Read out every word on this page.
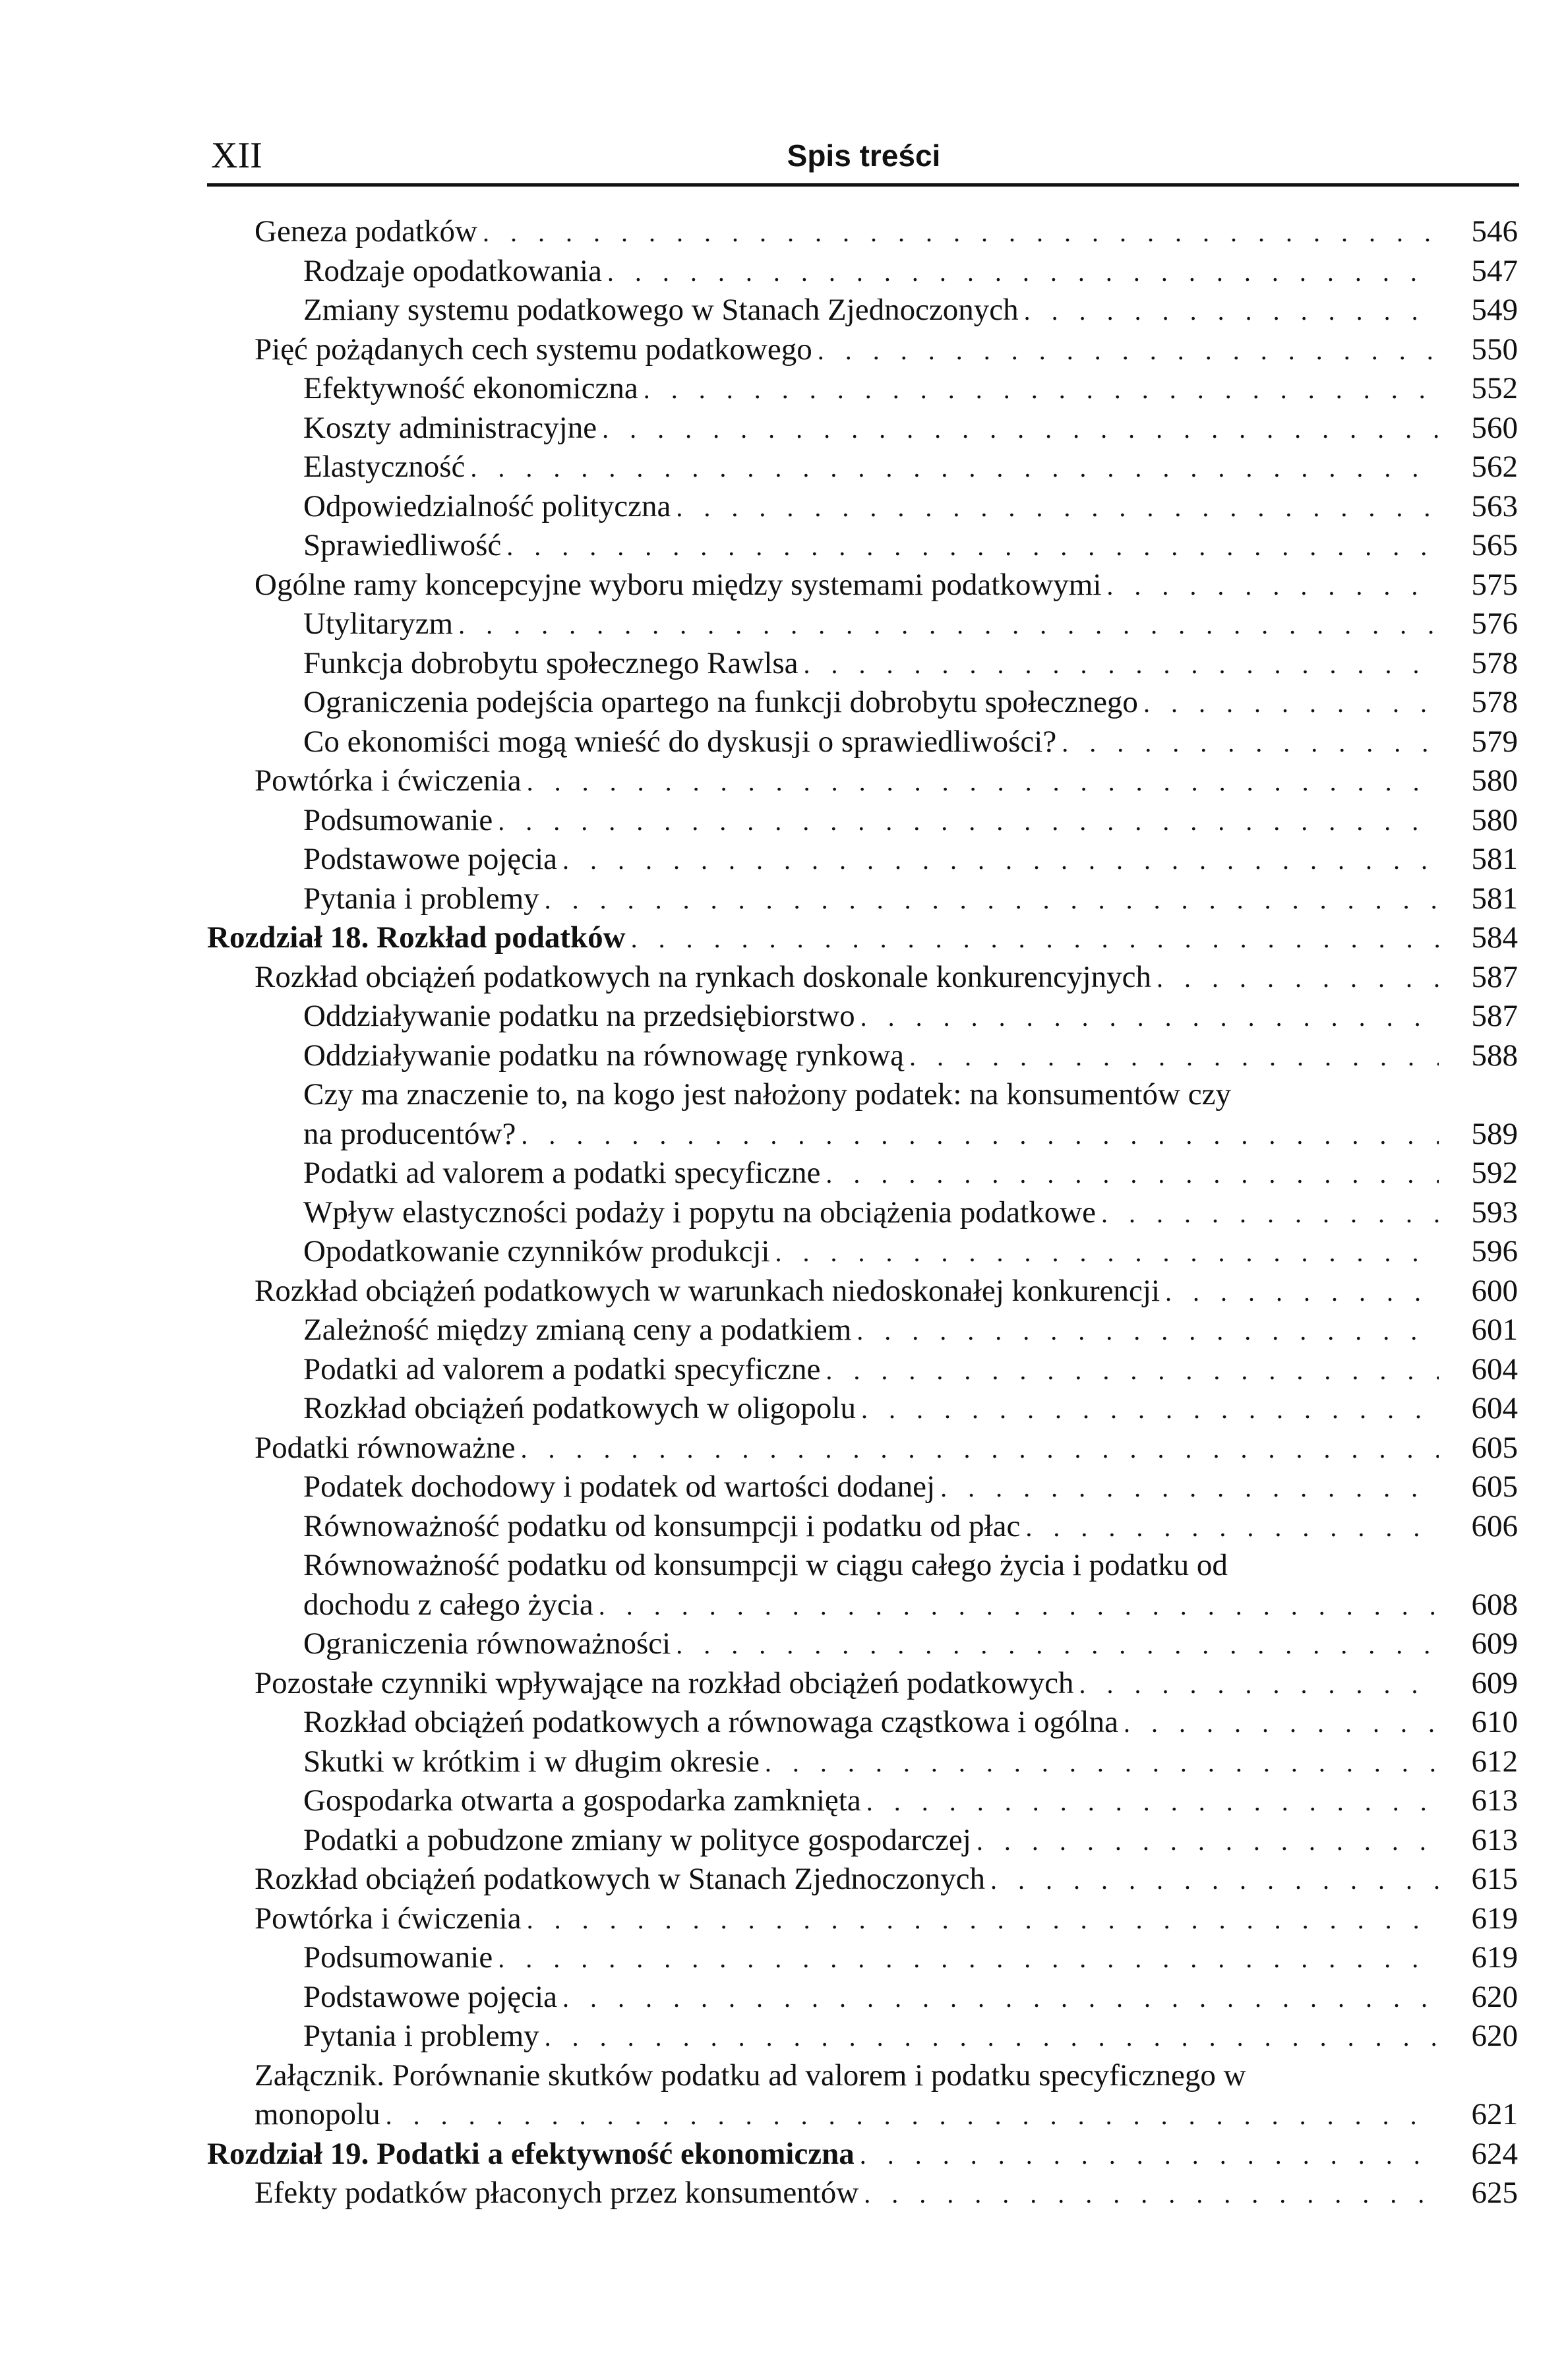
XII	Spis treści
Geneza podatków . . .	546
Rodzaje opodatkowania . . .	547
Zmiany systemu podatkowego w Stanach Zjednoczonych . . .	549
Pięć pożądanych cech systemu podatkowego . . .	550
Efektywność ekonomiczna . . .	552
Koszty administracyjne . . .	560
Elastyczność . . .	562
Odpowiedzialność polityczna . . .	563
Sprawiedliwość . . .	565
Ogólne ramy koncepcyjne wyboru między systemami podatkowymi . . .	575
Utylitaryzm . . .	576
Funkcja dobrobytu społecznego Rawlsa . . .	578
Ograniczenia podejścia opartego na funkcji dobrobytu społecznego . . .	578
Co ekonomiści mogą wnieść do dyskusji o sprawiedliwości? . . .	579
Powtórka i ćwiczenia . . .	580
Podsumowanie . . .	580
Podstawowe pojęcia . . .	581
Pytania i problemy . . .	581
Rozdział 18. Rozkład podatków . . .	584
Rozkład obciążeń podatkowych na rynkach doskonale konkurencyjnych . . .	587
Oddziaływanie podatku na przedsiębiorstwo . . .	587
Oddziaływanie podatku na równowagę rynkową . . .	588
Czy ma znaczenie to, na kogo jest nałożony podatek: na konsumentów czy
na producentów? . . .	589
Podatki ad valorem a podatki specyficzne . . .	592
Wpływ elastyczności podaży i popytu na obciążenia podatkowe . . .	593
Opodatkowanie czynników produkcji . . .	596
Rozkład obciążeń podatkowych w warunkach niedoskonałej konkurencji . . .	600
Zależność między zmianą ceny a podatkiem . . .	601
Podatki ad valorem a podatki specyficzne . . .	604
Rozkład obciążeń podatkowych w oligopolu . . .	604
Podatki równoważne . . .	605
Podatek dochodowy i podatek od wartości dodanej . . .	605
Równoważność podatku od konsumpcji i podatku od płac . . .	606
Równoważność podatku od konsumpcji w ciągu całego życia i podatku od
dochodu z całego życia . . .	608
Ograniczenia równoważności . . .	609
Pozostałe czynniki wpływające na rozkład obciążeń podatkowych . . .	609
Rozkład obciążeń podatkowych a równowaga cząstkowa i ogólna . . .	610
Skutki w krótkim i w długim okresie . . .	612
Gospodarka otwarta a gospodarka zamknięta . . .	613
Podatki a pobudzone zmiany w polityce gospodarczej . . .	613
Rozkład obciążeń podatkowych w Stanach Zjednoczonych . . .	615
Powtórka i ćwiczenia . . .	619
Podsumowanie . . .	619
Podstawowe pojęcia . . .	620
Pytania i problemy . . .	620
Załącznik. Porównanie skutków podatku ad valorem i podatku specyficznego w
monopolu . . .	621
Rozdział 19. Podatki a efektywność ekonomiczna . . .	624
Efekty podatków płaconych przez konsumentów . . .	625
